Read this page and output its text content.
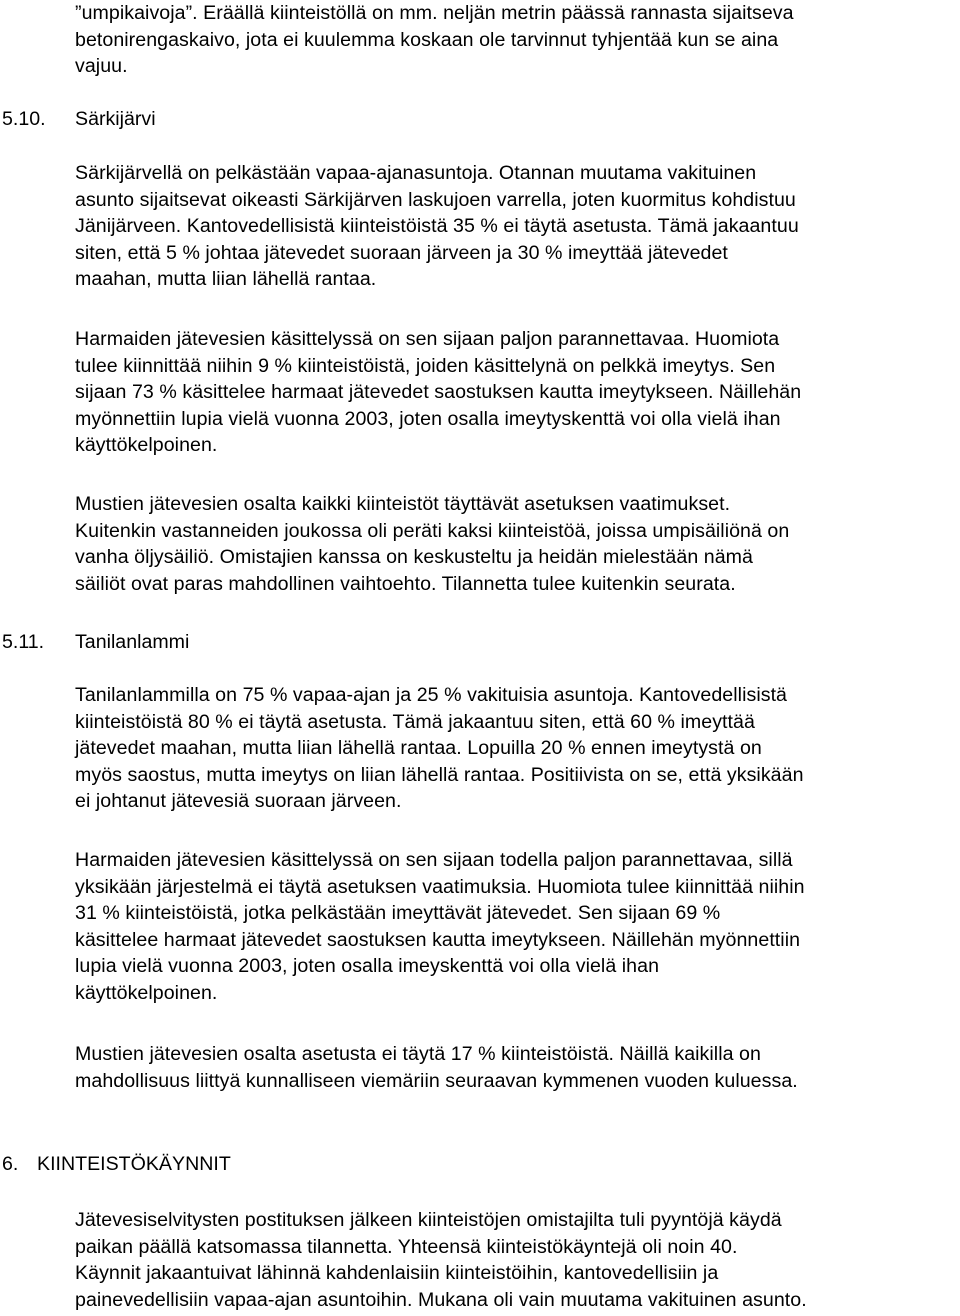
”umpikaivoja”. Eräällä kiinteistöllä on mm. neljän metrin päässä rannasta sijaitseva
betonirengaskaivo, jota ei kuulemma koskaan ole tarvinnut tyhjentää kun se aina
vajuu.

5.10. Särkijärvi

Särkijärvellä on pelkästään vapaa-ajanasuntoja. Otannan muutama vakituinen
asunto sijaitsevat oikeasti Särkijärven laskujoen varrella, joten kuormitus kohdistuu
Jänijärveen. Kantovedellisistä kiinteistöistä 35 % ei täytä asetusta. Tämä jakaantuu
siten, että 5 % johtaa jätevedet suoraan järveen ja 30 % imeyttää jätevedet
maahan, mutta liian lähellä rantaa.

Harmaiden jätevesien käsittelyssä on sen sijaan paljon parannettavaa. Huomiota
tulee kiinnittää niihin 9 % kiinteistöistä, joiden käsittelynä on pelkkä imeytys. Sen
sijaan 73 % käsittelee harmaat jätevedet saostuksen kautta imeytykseen. Näillehän
myönnettiin lupia vielä vuonna 2003, joten osalla imeytyskenttä voi olla vielä ihan
käyttökelpoinen.

Mustien jätevesien osalta kaikki kiinteistöt täyttävät asetuksen vaatimukset.
Kuitenkin vastanneiden joukossa oli peräti kaksi kiinteistöä, joissa umpisäiliönä on
vanha öljysäiliö. Omistajien kanssa on keskusteltu ja heidän mielestään nämä
säiliöt ovat paras mahdollinen vaihtoehto. Tilannetta tulee kuitenkin seurata.

5.11. Tanilanlammi

Tanilanlammilla on 75 % vapaa-ajan ja 25 % vakituisia asuntoja. Kantovedellisistä
kiinteistöistä 80 % ei täytä asetusta. Tämä jakaantuu siten, että 60 % imeyttää
jätevedet maahan, mutta liian lähellä rantaa. Lopuilla 20 % ennen imeytystä on
myös saostus, mutta imeytys on liian lähellä rantaa. Positiivista on se, että yksikään
ei johtanut jätevesiä suoraan järveen.

Harmaiden jätevesien käsittelyssä on sen sijaan todella paljon parannettavaa, sillä
yksikään järjestelmä ei täytä asetuksen vaatimuksia. Huomiota tulee kiinnittää niihin
31 % kiinteistöistä, jotka pelkästään imeyttävät jätevedet. Sen sijaan 69 %
käsittelee harmaat jätevedet saostuksen kautta imeytykseen. Näillehän myönnettiin
lupia vielä vuonna 2003, joten osalla imeyskenttä voi olla vielä ihan
käyttökelpoinen.

Mustien jätevesien osalta asetusta ei täytä 17 % kiinteistöistä. Näillä kaikilla on
mahdollisuus liittyä kunnalliseen viemäriin seuraavan kymmenen vuoden kuluessa.

6. KIINTEISTÖKÄYNNIT

Jätevesiselvitysten postituksen jälkeen kiinteistöjen omistajilta tuli pyyntöjä käydä
paikan päällä katsomassa tilannetta. Yhteensä kiinteistökäyntejä oli noin 40.
Käynnit jakaantuivat lähinnä kahdenlaisiin kiinteistöihin, kantovedellisiin ja
painevedellisiin vapaa-ajan asuntoihin. Mukana oli vain muutama vakituinen asunto.
